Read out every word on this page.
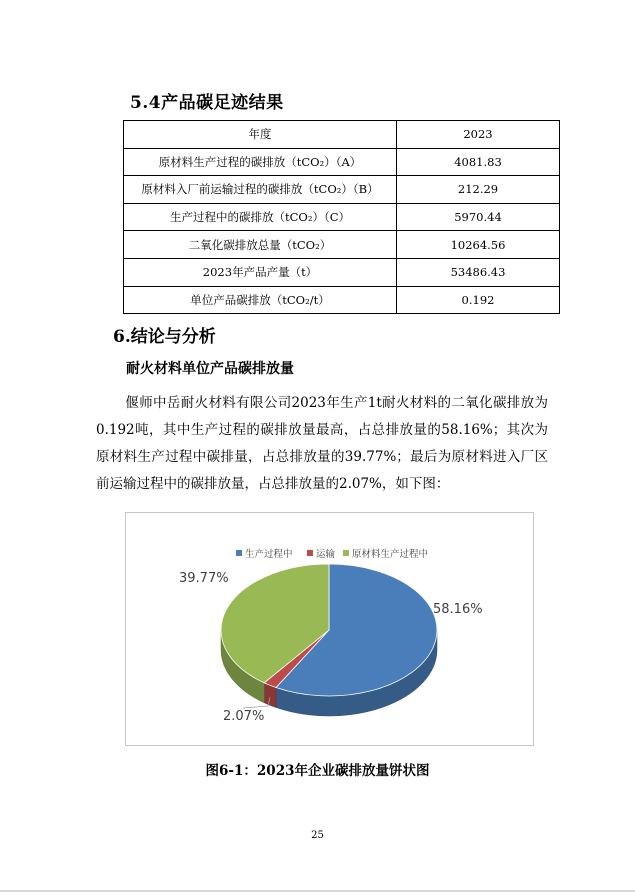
5.4产品碳足迹结果
年度	2023
原材料生产过程的碳排放（tCO₂）（A）	4081.83
原材料入厂前运输过程的碳排放（tCO₂）（B）	212.29
生产过程中的碳排放（tCO₂）（C）	5970.44
二氧化碳排放总量（tCO₂）	10264.56
2023年产品产量（t）	53486.43
单位产品碳排放（tCO₂/t）	0.192
6.结论与分析
耐火材料单位产品碳排放量
偃师中岳耐火材料有限公司2023年生产1t耐火材料的二氧化碳排放为0.192吨，其中生产过程的碳排放量最高，占总排放量的58.16%；其次为原材料生产过程中碳排量，占总排放量的39.77%；最后为原材料进入厂区前运输过程中的碳排放量，占总排放量的2.07%，如下图：
生产过程中 运输 原材料生产过程中
58.16%
2.07%
39.77%
图6-1：2023年企业碳排放量饼状图
25
